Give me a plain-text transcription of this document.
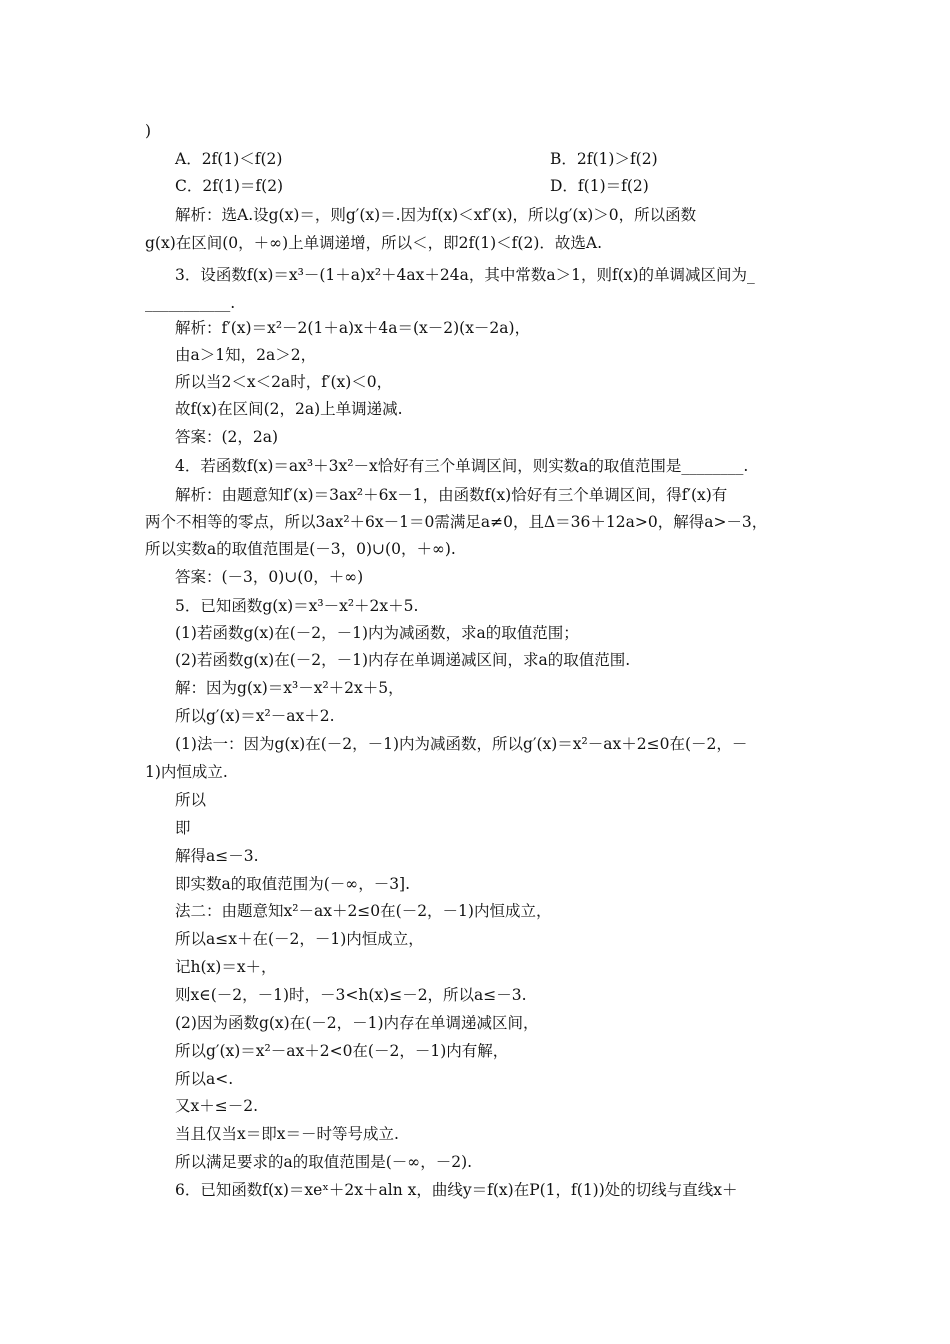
)
A．2f(1)＜f(2)	B．2f(1)＞f(2)
C．2f(1)＝f(2)	D．f(1)＝f(2)
解析：选A.设g(x)＝，则g′(x)＝.因为f(x)＜xf′(x)，所以g′(x)＞0，所以函数
g(x)在区间(0，＋∞)上单调递增，所以＜，即2f(1)＜f(2)．故选A.
3．设函数f(x)＝x³－(1＋a)x²＋4ax＋24a，其中常数a＞1，则f(x)的单调减区间为_
___________.
解析：f′(x)＝x²－2(1＋a)x＋4a＝(x－2)(x－2a)，
由a＞1知，2a＞2，
所以当2＜x＜2a时，f′(x)＜0，
故f(x)在区间(2，2a)上单调递减.
答案：(2，2a)
4．若函数f(x)＝ax³＋3x²－x恰好有三个单调区间，则实数a的取值范围是________.
解析：由题意知f′(x)＝3ax²＋6x－1，由函数f(x)恰好有三个单调区间，得f′(x)有
两个不相等的零点，所以3ax²＋6x－1＝0需满足a≠0，且Δ＝36＋12a>0，解得a>－3，
所以实数a的取值范围是(－3，0)∪(0，＋∞).
答案：(－3，0)∪(0，＋∞)
5．已知函数g(x)＝x³－x²＋2x＋5.
(1)若函数g(x)在(－2，－1)内为减函数，求a的取值范围；
(2)若函数g(x)在(－2，－1)内存在单调递减区间，求a的取值范围.
解：因为g(x)＝x³－x²＋2x＋5，
所以g′(x)＝x²－ax＋2.
(1)法一：因为g(x)在(－2，－1)内为减函数，所以g′(x)＝x²－ax＋2≤0在(－2，－
1)内恒成立.
所以
即
解得a≤－3.
即实数a的取值范围为(－∞，－3].
法二：由题意知x²－ax＋2≤0在(－2，－1)内恒成立，
所以a≤x＋在(－2，－1)内恒成立，
记h(x)＝x＋，
则x∈(－2，－1)时，－3<h(x)≤－2，所以a≤－3.
(2)因为函数g(x)在(－2，－1)内存在单调递减区间，
所以g′(x)＝x²－ax＋2<0在(－2，－1)内有解，
所以a<.
又x＋≤－2.
当且仅当x＝即x＝－时等号成立.
所以满足要求的a的取值范围是(－∞，－2).
6．已知函数f(x)＝xeˣ＋2x＋aln x，曲线y＝f(x)在P(1，f(1))处的切线与直线x＋
